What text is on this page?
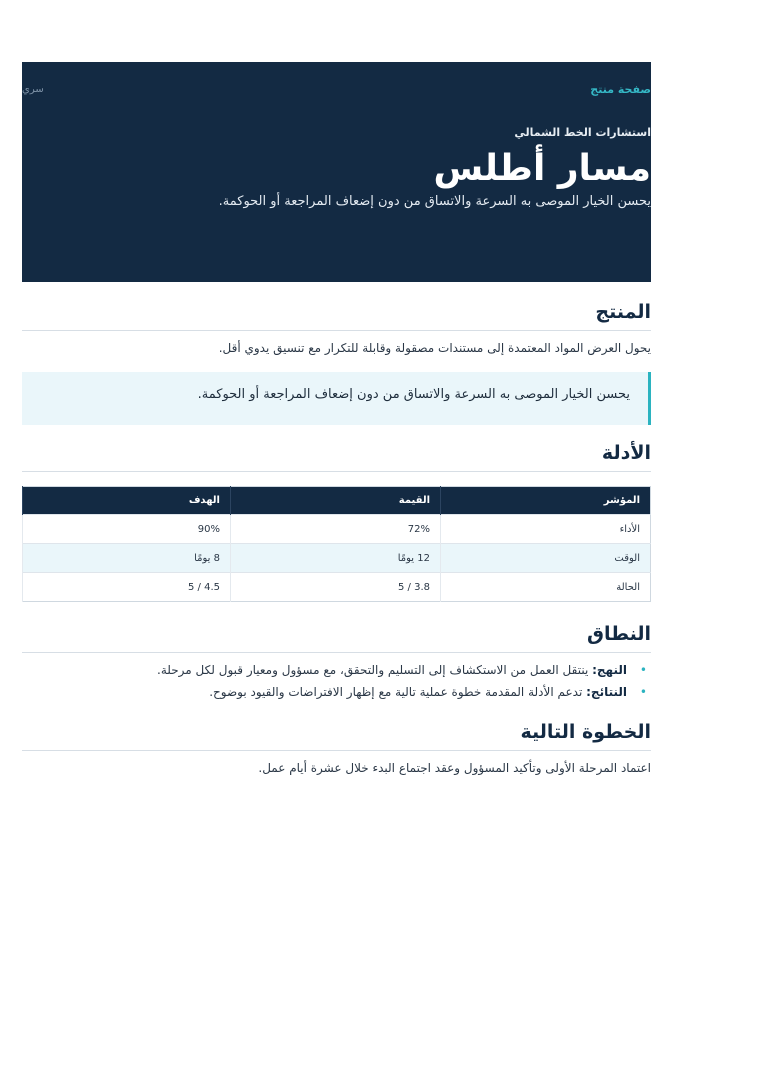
صفحة منتج
سري
استشارات الخط الشمالي
مسار أطلس
يحسن الخيار الموصى به السرعة والاتساق من دون إضعاف المراجعة أو الحوكمة.
المنتج

يحول العرض المواد المعتمدة إلى مستندات مصقولة وقابلة للتكرار مع تنسيق يدوي أقل.

يحسن الخيار الموصى به السرعة والاتساق من دون إضعاف المراجعة أو الحوكمة.
الأدلة
المؤشر	القيمة	الهدف
الأداء	72%	90%
الوقت	12 يومًا	8 يومًا
الحالة	3.8 / 5	4.5 / 5
النطاق
•
النهج: ينتقل العمل من الاستكشاف إلى التسليم والتحقق، مع مسؤول ومعيار قبول لكل مرحلة.
•
النتائج: تدعم الأدلة المقدمة خطوة عملية تالية مع إظهار الافتراضات والقيود بوضوح.
الخطوة التالية

اعتماد المرحلة الأولى وتأكيد المسؤول وعقد اجتماع البدء خلال عشرة أيام عمل.
